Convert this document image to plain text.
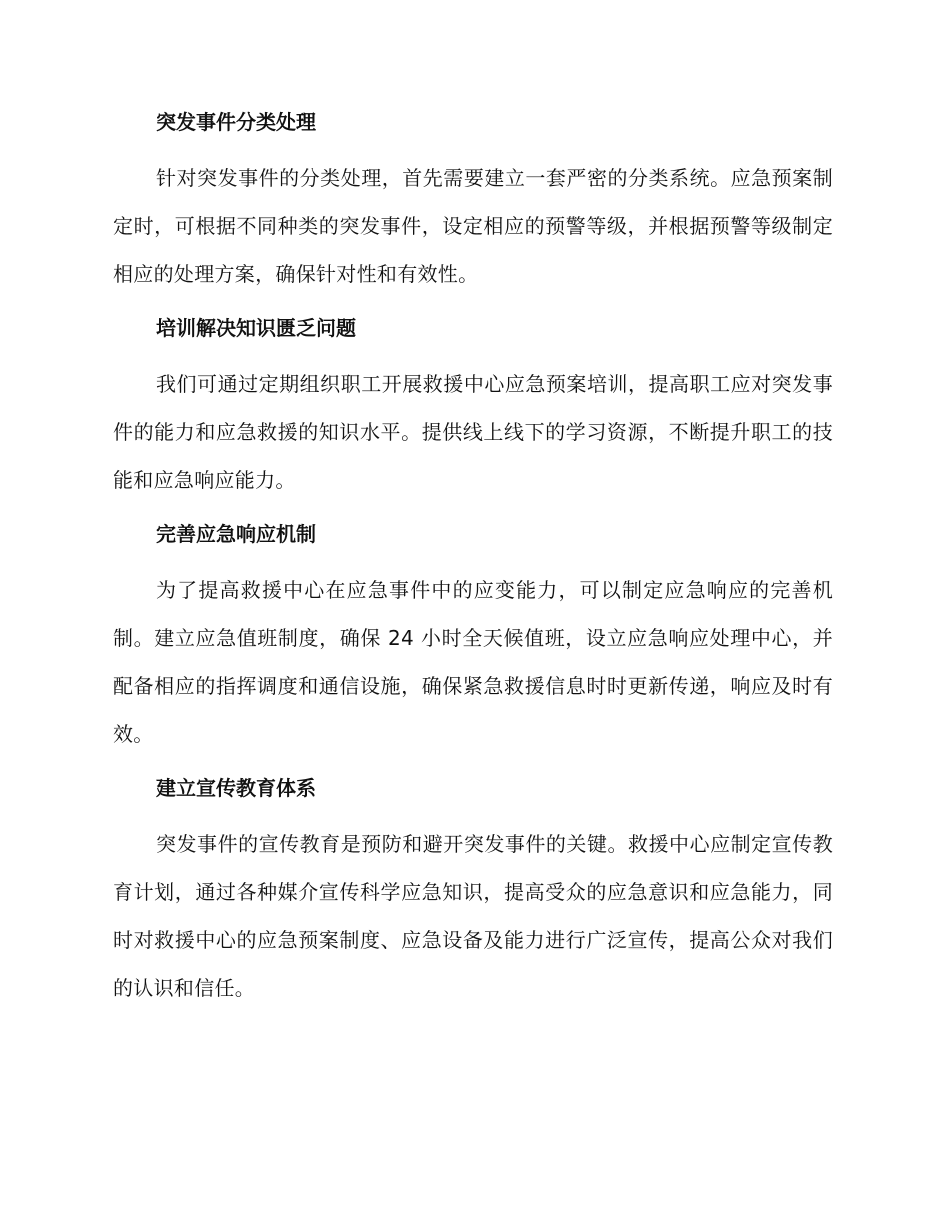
突发事件分类处理

针对突发事件的分类处理，首先需要建立一套严密的分类系统。应急预案制定时，可根据不同种类的突发事件，设定相应的预警等级，并根据预警等级制定相应的处理方案，确保针对性和有效性。

培训解决知识匮乏问题

我们可通过定期组织职工开展救援中心应急预案培训，提高职工应对突发事件的能力和应急救援的知识水平。提供线上线下的学习资源，不断提升职工的技能和应急响应能力。

完善应急响应机制

为了提高救援中心在应急事件中的应变能力，可以制定应急响应的完善机制。建立应急值班制度，确保 24 小时全天候值班，设立应急响应处理中心，并配备相应的指挥调度和通信设施，确保紧急救援信息时时更新传递，响应及时有效。

建立宣传教育体系

突发事件的宣传教育是预防和避开突发事件的关键。救援中心应制定宣传教育计划，通过各种媒介宣传科学应急知识，提高受众的应急意识和应急能力，同时对救援中心的应急预案制度、应急设备及能力进行广泛宣传，提高公众对我们的认识和信任。
